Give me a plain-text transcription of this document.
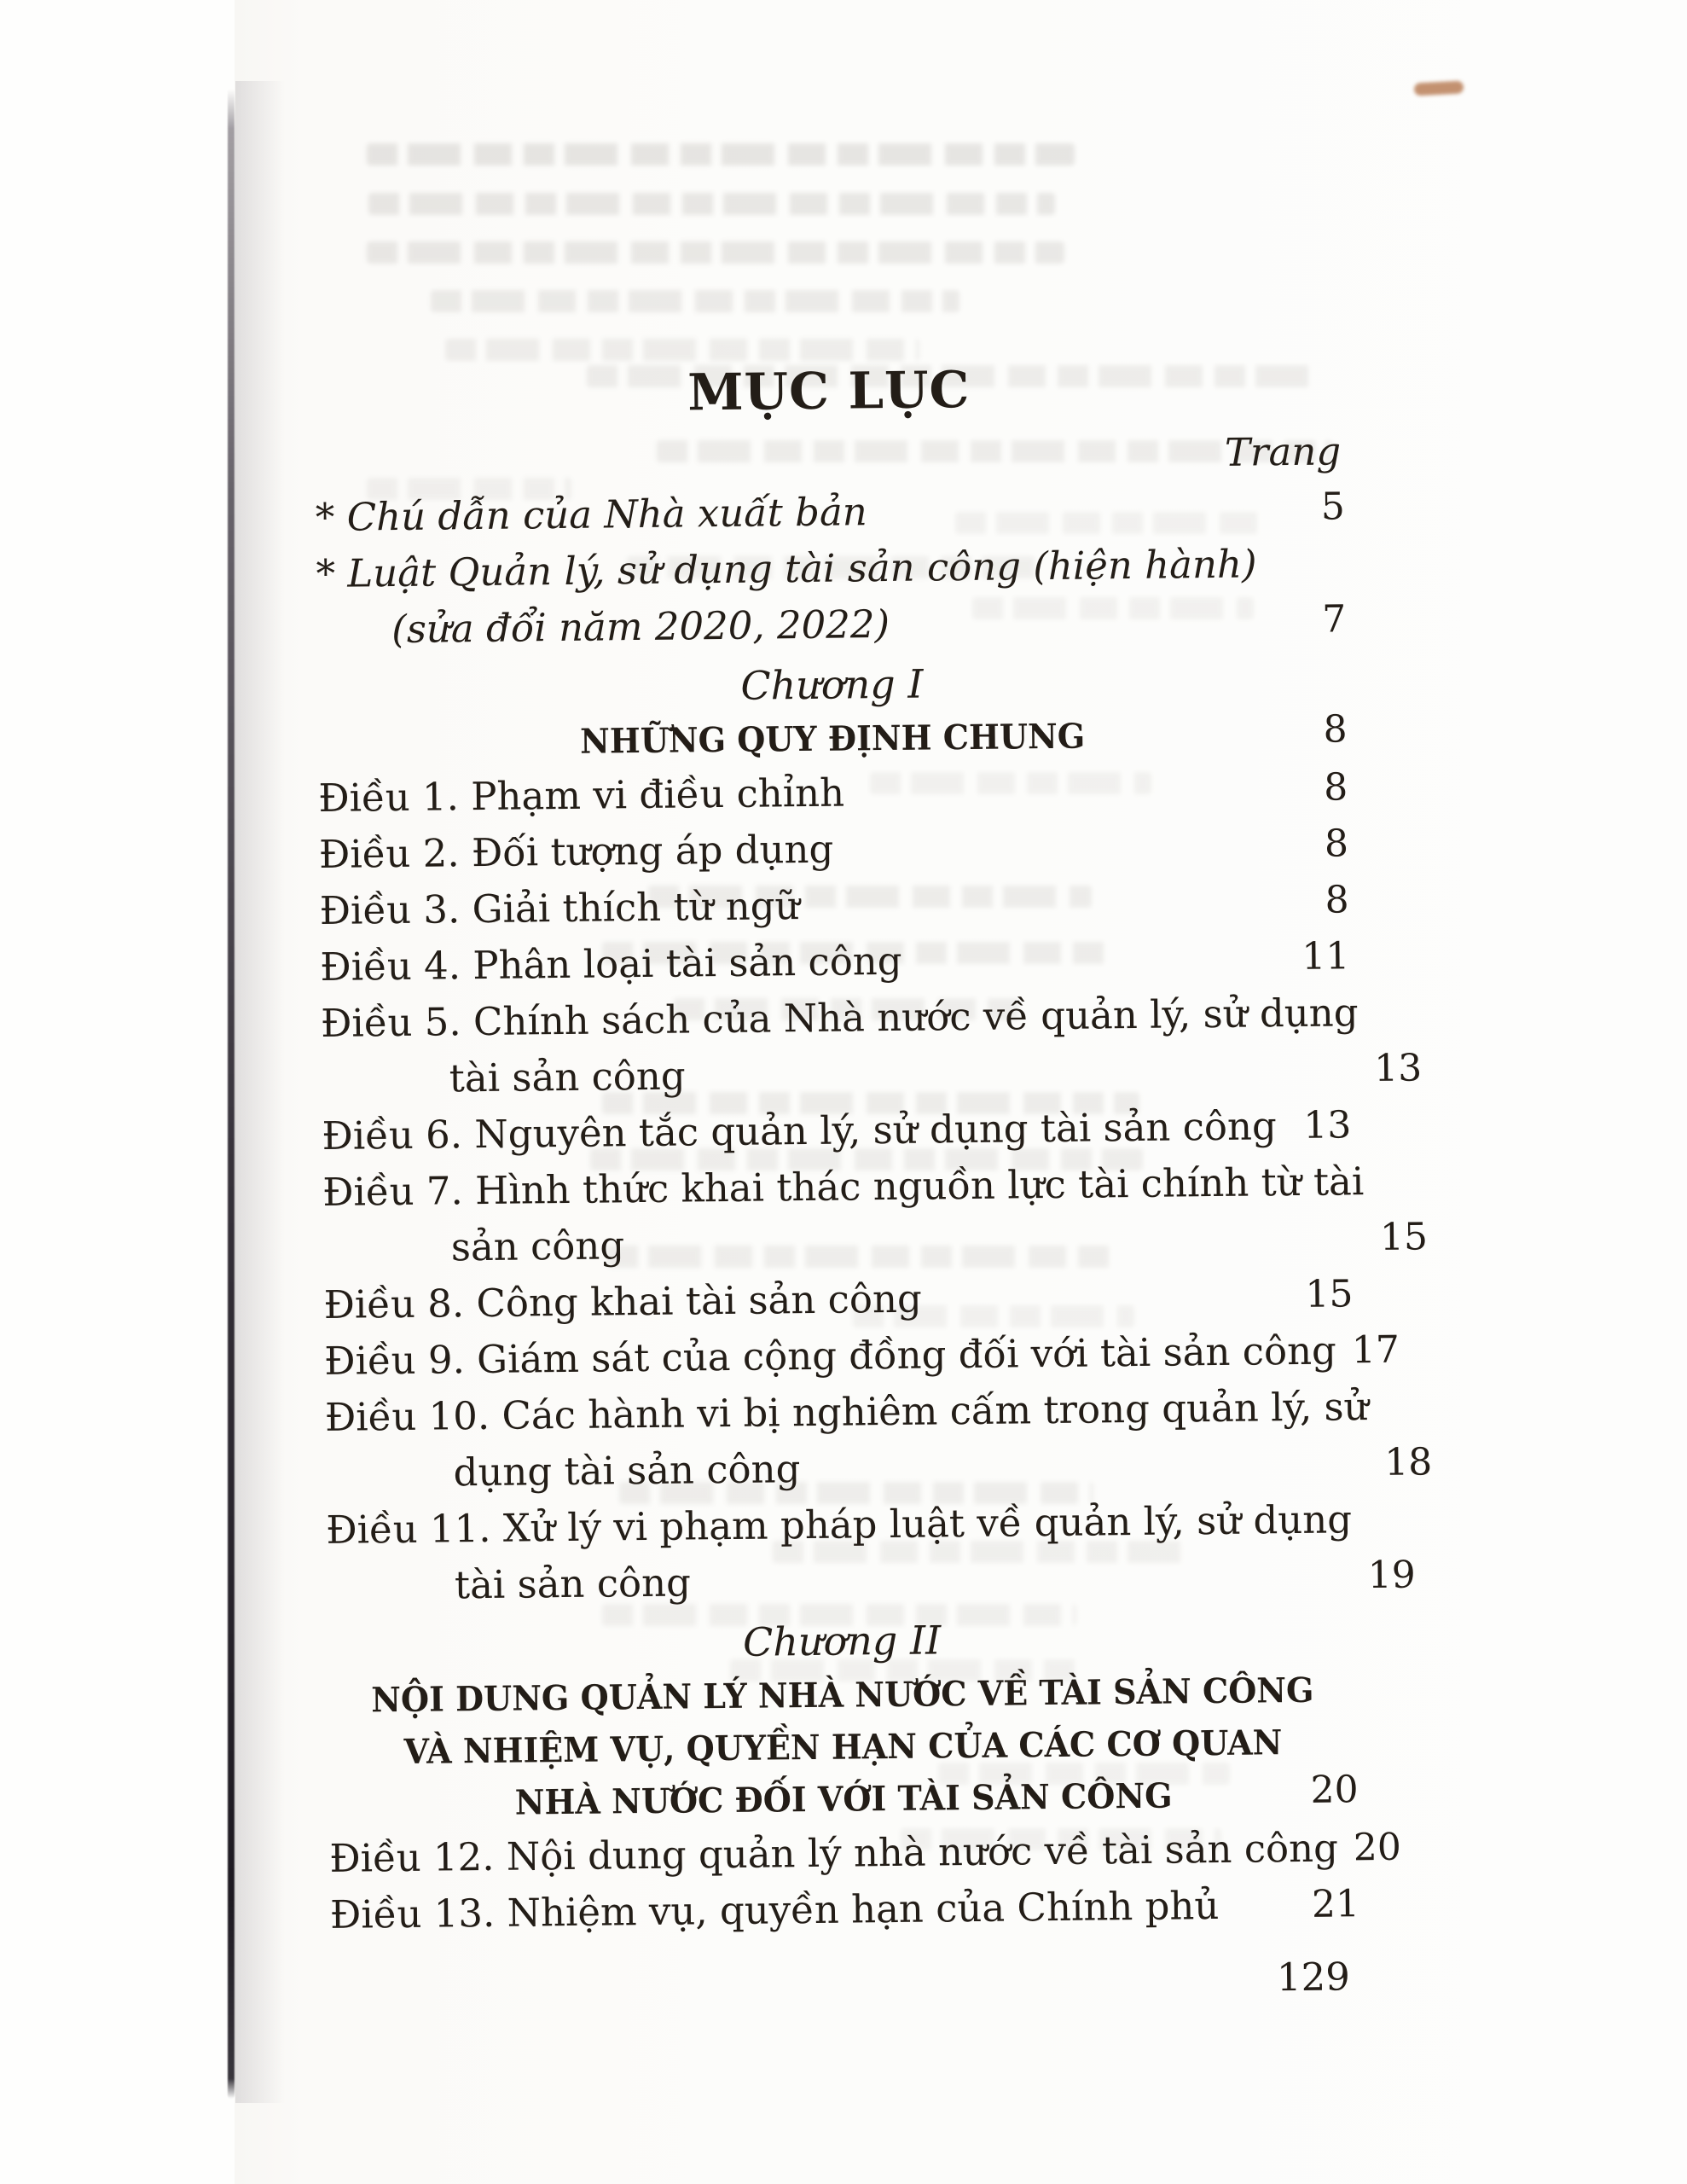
MỤC LỤC
Trang
* Chú dẫn của Nhà xuất bản	5
* Luật Quản lý, sử dụng tài sản công (hiện hành)
(sửa đổi năm 2020, 2022)	7
Chương I
NHỮNG QUY ĐỊNH CHUNG	8
Điều 1. Phạm vi điều chỉnh	8
Điều 2. Đối tượng áp dụng	8
Điều 3. Giải thích từ ngữ	8
Điều 4. Phân loại tài sản công	11
Điều 5. Chính sách của Nhà nước về quản lý, sử dụng
tài sản công	13
Điều 6. Nguyên tắc quản lý, sử dụng tài sản công 13
Điều 7. Hình thức khai thác nguồn lực tài chính từ tài
sản công	15
Điều 8. Công khai tài sản công	15
Điều 9. Giám sát của cộng đồng đối với tài sản công 17
Điều 10. Các hành vi bị nghiêm cấm trong quản lý, sử
dụng tài sản công	18
Điều 11. Xử lý vi phạm pháp luật về quản lý, sử dụng
tài sản công	19
Chương II
NỘI DUNG QUẢN LÝ NHÀ NƯỚC VỀ TÀI SẢN CÔNG
VÀ NHIỆM VỤ, QUYỀN HẠN CỦA CÁC CƠ QUAN
NHÀ NƯỚC ĐỐI VỚI TÀI SẢN CÔNG	20
Điều 12. Nội dung quản lý nhà nước về tài sản công 20
Điều 13. Nhiệm vụ, quyền hạn của Chính phủ 21
129
